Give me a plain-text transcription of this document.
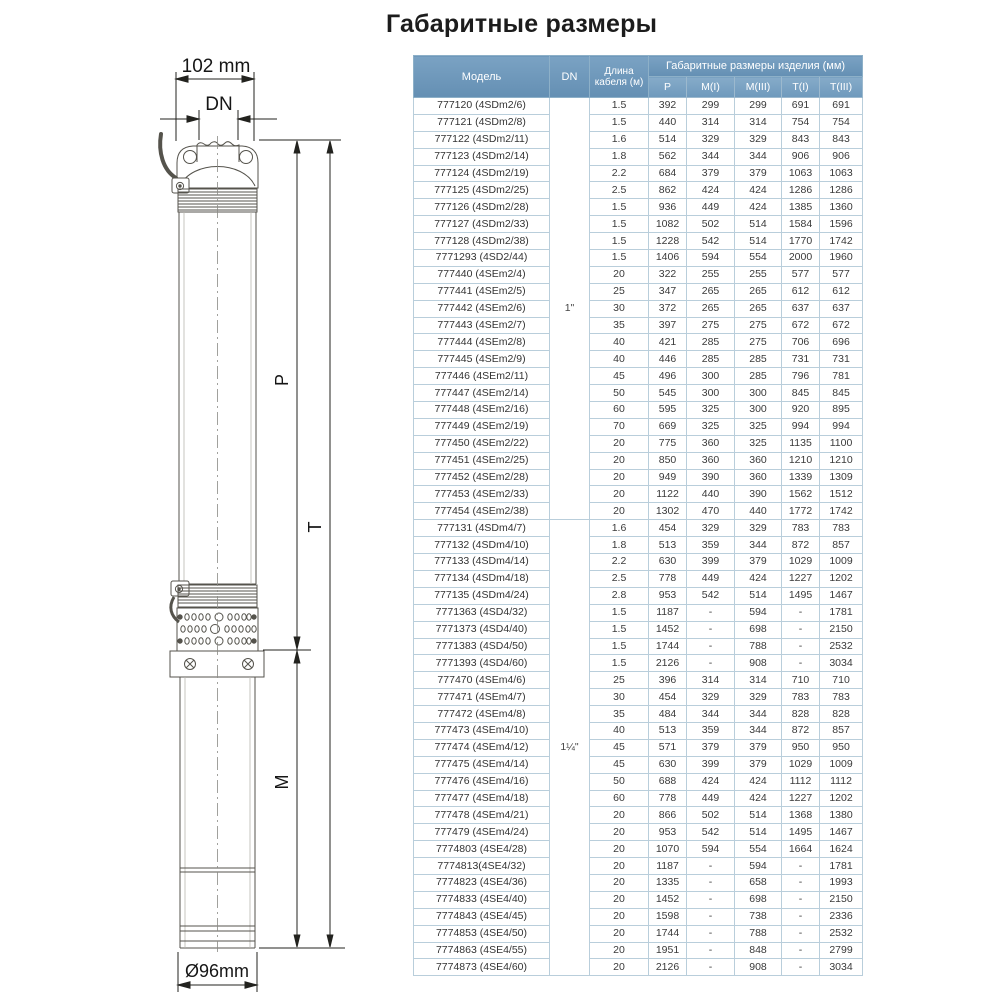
Габаритные размеры
102 mm
DN
P
T
M
Ø96mm
Модель	DN	Длина кабеля (м)	Габаритные размеры изделия (мм)				
			P	M(I)	M(III)	T(I)	T(III)
777120 (4SDm2/6)	1"	1.5	392	299	299	691	691
777121 (4SDm2/8)		1.5	440	314	314	754	754
777122 (4SDm2/11)		1.6	514	329	329	843	843
777123 (4SDm2/14)		1.8	562	344	344	906	906
777124 (4SDm2/19)		2.2	684	379	379	1063	1063
777125 (4SDm2/25)		2.5	862	424	424	1286	1286
777126 (4SDm2/28)		1.5	936	449	424	1385	1360
777127 (4SDm2/33)		1.5	1082	502	514	1584	1596
777128 (4SDm2/38)		1.5	1228	542	514	1770	1742
7771293 (4SD2/44)		1.5	1406	594	554	2000	1960
777440 (4SEm2/4)		20	322	255	255	577	577
777441 (4SEm2/5)		25	347	265	265	612	612
777442 (4SEm2/6)		30	372	265	265	637	637
777443 (4SEm2/7)		35	397	275	275	672	672
777444 (4SEm2/8)		40	421	285	275	706	696
777445 (4SEm2/9)		40	446	285	285	731	731
777446 (4SEm2/11)		45	496	300	285	796	781
777447 (4SEm2/14)		50	545	300	300	845	845
777448 (4SEm2/16)		60	595	325	300	920	895
777449 (4SEm2/19)		70	669	325	325	994	994
777450 (4SEm2/22)		20	775	360	325	1135	1100
777451 (4SEm2/25)		20	850	360	360	1210	1210
777452 (4SEm2/28)		20	949	390	360	1339	1309
777453 (4SEm2/33)		20	1122	440	390	1562	1512
777454 (4SEm2/38)		20	1302	470	440	1772	1742
777131 (4SDm4/7)	1¼"	1.6	454	329	329	783	783
777132 (4SDm4/10)		1.8	513	359	344	872	857
777133 (4SDm4/14)		2.2	630	399	379	1029	1009
777134 (4SDm4/18)		2.5	778	449	424	1227	1202
777135 (4SDm4/24)		2.8	953	542	514	1495	1467
7771363 (4SD4/32)		1.5	1187	-	594	-	1781
7771373 (4SD4/40)		1.5	1452	-	698	-	2150
7771383 (4SD4/50)		1.5	1744	-	788	-	2532
7771393 (4SD4/60)		1.5	2126	-	908	-	3034
777470 (4SEm4/6)		25	396	314	314	710	710
777471 (4SEm4/7)		30	454	329	329	783	783
777472 (4SEm4/8)		35	484	344	344	828	828
777473 (4SEm4/10)		40	513	359	344	872	857
777474 (4SEm4/12)		45	571	379	379	950	950
777475 (4SEm4/14)		45	630	399	379	1029	1009
777476 (4SEm4/16)		50	688	424	424	1112	1112
777477 (4SEm4/18)		60	778	449	424	1227	1202
777478 (4SEm4/21)		20	866	502	514	1368	1380
777479 (4SEm4/24)		20	953	542	514	1495	1467
7774803 (4SE4/28)		20	1070	594	554	1664	1624
7774813(4SE4/32)		20	1187	-	594	-	1781
7774823 (4SE4/36)		20	1335	-	658	-	1993
7774833 (4SE4/40)		20	1452	-	698	-	2150
7774843 (4SE4/45)		20	1598	-	738	-	2336
7774853 (4SE4/50)		20	1744	-	788	-	2532
7774863 (4SE4/55)		20	1951	-	848	-	2799
7774873 (4SE4/60)		20	2126	-	908	-	3034
